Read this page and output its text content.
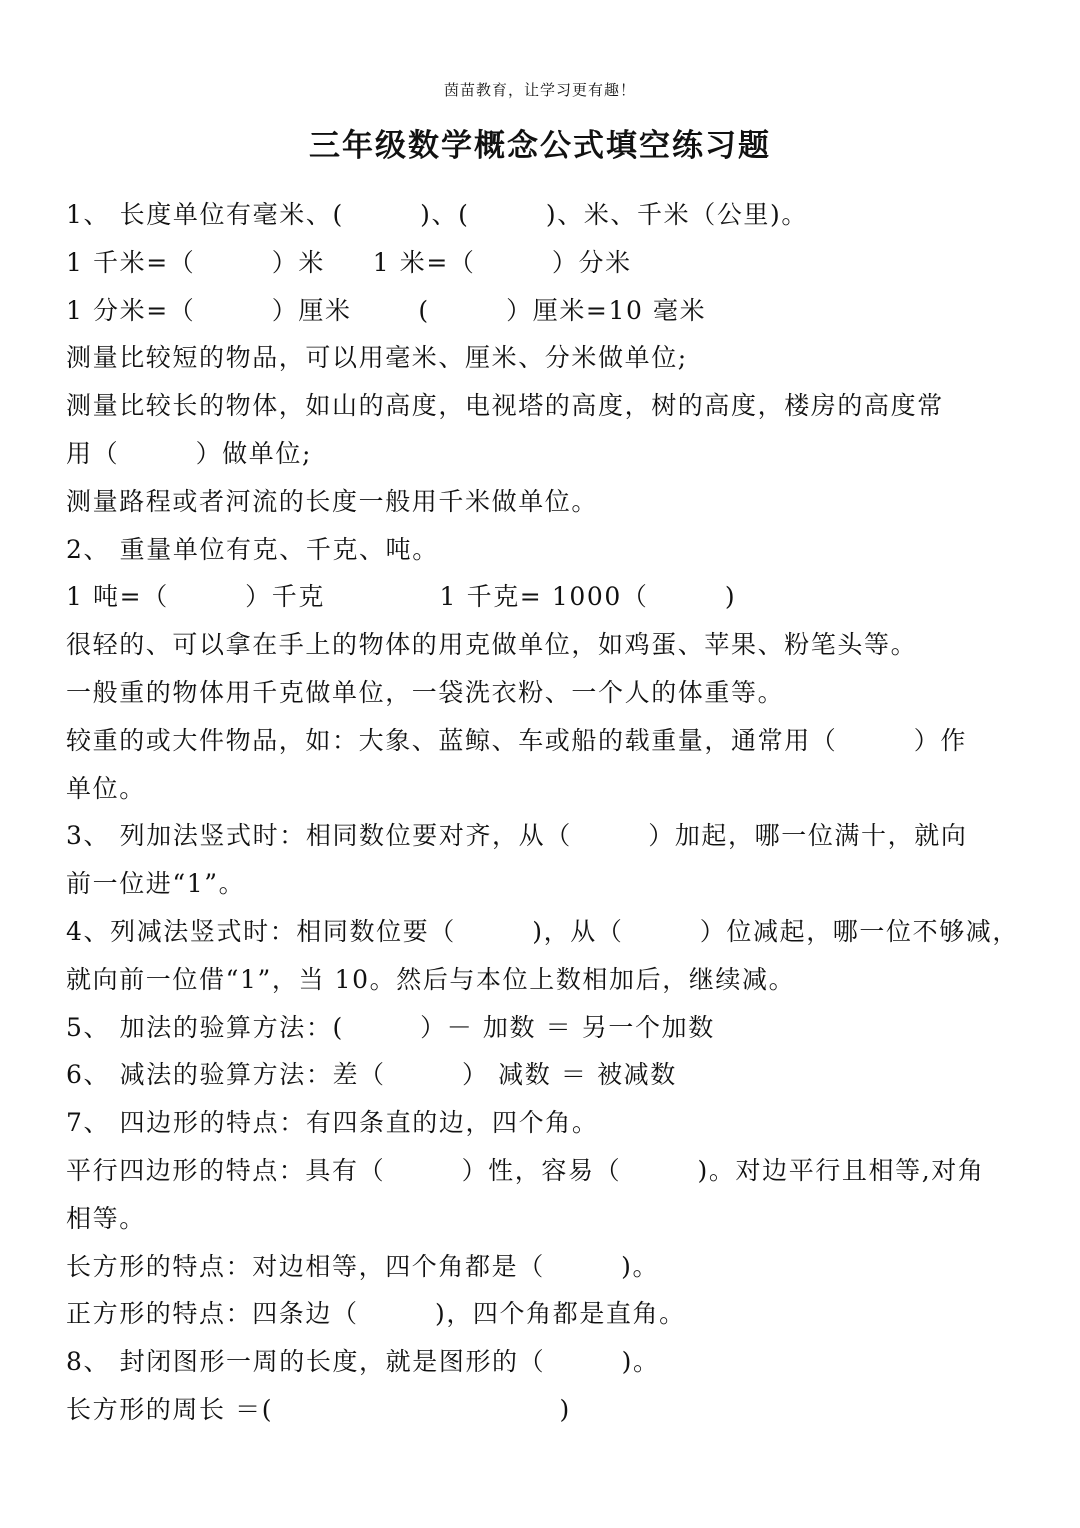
茵苗教育，让学习更有趣！
三年级数学概念公式填空练习题
1、 长度单位有毫米、(        )、(        )、米、千米（公里)。
1 千米=（        ）米     1 米=（        ）分米
1 分米=（        ）厘米       (        ）厘米=10 毫米
测量比较短的物品，可以用毫米、厘米、分米做单位;
测量比较长的物体，如山的高度，电视塔的高度，树的高度，楼房的高度常
用（        ）做单位;
测量路程或者河流的长度一般用千米做单位。
2、 重量单位有克、千克、吨。
1 吨=（        ）千克            1 千克= 1000（        )
很轻的、可以拿在手上的物体的用克做单位，如鸡蛋、苹果、粉笔头等。
一般重的物体用千克做单位，一袋洗衣粉、一个人的体重等。
较重的或大件物品，如：大象、蓝鲸、车或船的载重量，通常用（        ）作
单位。
3、 列加法竖式时：相同数位要对齐，从（        ）加起，哪一位满十，就向
前一位进“1”。
4、列减法竖式时：相同数位要（        )，从（        ）位减起，哪一位不够减，
就向前一位借“1”，当 10。然后与本位上数相加后，继续减。
5、 加法的验算方法：(        ）－ 加数 ＝ 另一个加数
6、 减法的验算方法：差（        ） 减数 ＝ 被减数
7、 四边形的特点：有四条直的边，四个角。
平行四边形的特点：具有（        ）性，容易（        )。对边平行且相等,对角
相等。
长方形的特点：对边相等，四个角都是（        )。
正方形的特点：四条边（        )，四个角都是直角。
8、 封闭图形一周的长度，就是图形的（        )。
长方形的周长 ＝(                              )
